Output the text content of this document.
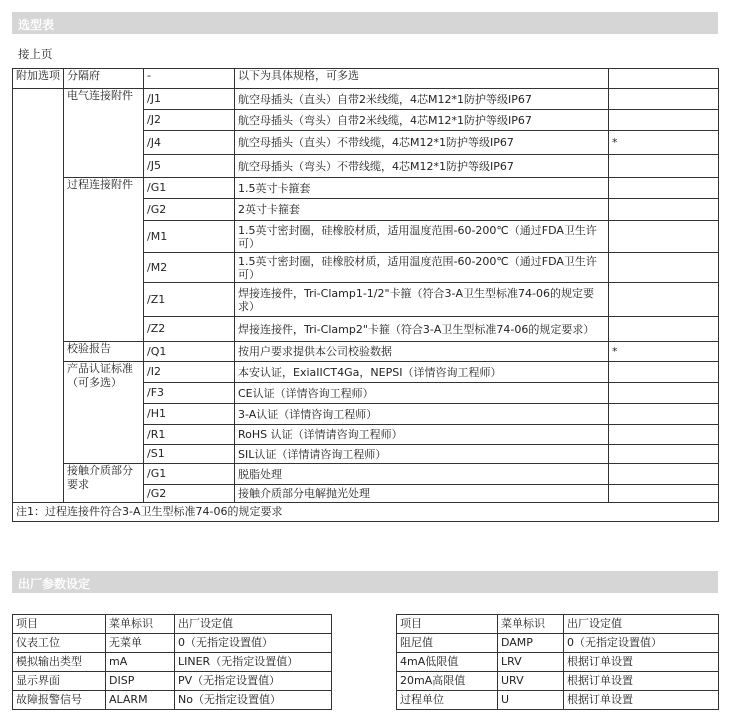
选型表
接上页
附加选项	分隔府	-	以下为具体规格，可多选	
	电气连接附件	/J1	航空母插头（直头）自带2米线缆，4芯M12*1防护等级IP67	
		/J2	航空母插头（弯头）自带2米线缆，4芯M12*1防护等级IP67	
		/J4	航空母插头（直头）不带线缆，4芯M12*1防护等级IP67	*
		/J5	航空母插头（弯头）不带线缆，4芯M12*1防护等级IP67	
	过程连接附件	/G1	1.5英寸卡箍套	
		/G2	2英寸卡箍套	
		/M1	1.5英寸密封圈，硅橡胶材质，适用温度范围-60-200℃（通过FDA卫生许可）	
		/M2	1.5英寸密封圈，硅橡胶材质，适用温度范围-60-200℃（通过FDA卫生许可）	
		/Z1	焊接连接件，Tri-Clamp1-1/2"卡箍（符合3-A卫生型标准74-06的规定要求）	
		/Z2	焊接连接件，Tri-Clamp2"卡箍（符合3-A卫生型标准74-06的规定要求）	
	校验报告	/Q1	按用户要求提供本公司校验数据	*
	产品认证标准（可多选）	/I2	本安认证，ExiaIICT4Ga，NEPSI（详情咨询工程师）	
		/F3	CE认证（详情咨询工程师）	
		/H1	3-A认证（详情咨询工程师）	
		/R1	RoHS 认证（详情请咨询工程师）	
		/S1	SIL认证（详情请咨询工程师）	
	接触介质部分要求	/G1	脱脂处理	
		/G2	接触介质部分电解抛光处理	
注1：过程连接件符合3-A卫生型标准74-06的规定要求				
出厂参数设定
项目	菜单标识	出厂设定值
仪表工位	无菜单	0（无指定设置值）
模拟输出类型	mA	LINER（无指定设置值）
显示界面	DISP	PV（无指定设置值）
故障报警信号	ALARM	No（无指定设置值）
项目	菜单标识	出厂设定值
阻尼值	DAMP	0（无指定设置值）
4mA低限值	LRV	根据订单设置
20mA高限值	URV	根据订单设置
过程单位	U	根据订单设置
